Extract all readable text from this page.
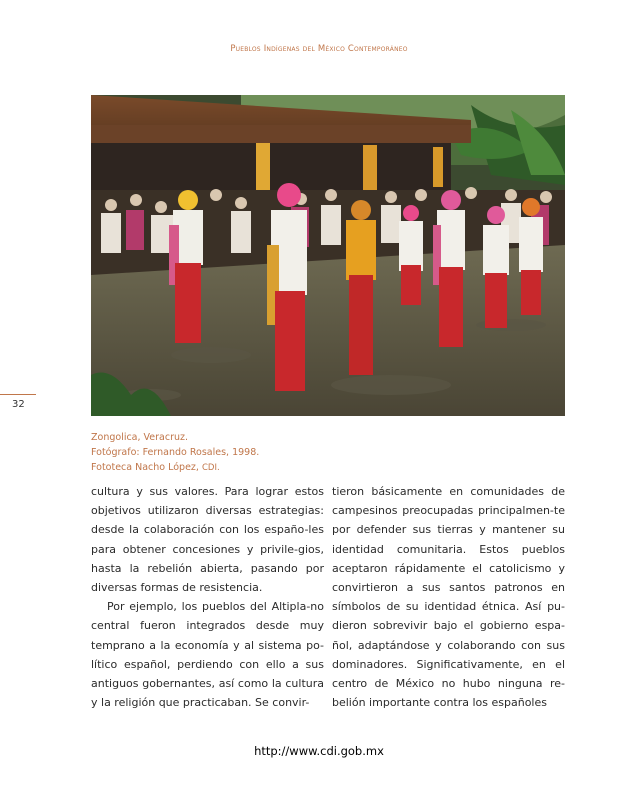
Pueblos Indígenas del México Contemporáneo
32
Zongolica, Veracruz.
Fotógrafo: Fernando Rosales, 1998.
Fototeca Nacho López, CDI.

cultura y sus valores. Para lograr estos objetivos utilizaron diversas estrategias: desde la colaboración con los españo-les para obtener concesiones y privile-gios, hasta la rebelión abierta, pasando por diversas formas de resistencia.

Por ejemplo, los pueblos del Altipla-no central fueron integrados desde muy temprano a la economía y al sistema po-lítico español, perdiendo con ello a sus antiguos gobernantes, así como la cultura y la religión que practicaban. Se convir-

tieron básicamente en comunidades de campesinos preocupadas principalmen-te por defender sus tierras y mantener su identidad comunitaria. Estos pueblos aceptaron rápidamente el catolicismo y convirtieron a sus santos patronos en símbolos de su identidad étnica. Así pu-dieron sobrevivir bajo el gobierno espa-ñol, adaptándose y colaborando con sus dominadores. Significativamente, en el centro de México no hubo ninguna re-belión importante contra los españoles

http://www.cdi.gob.mx
